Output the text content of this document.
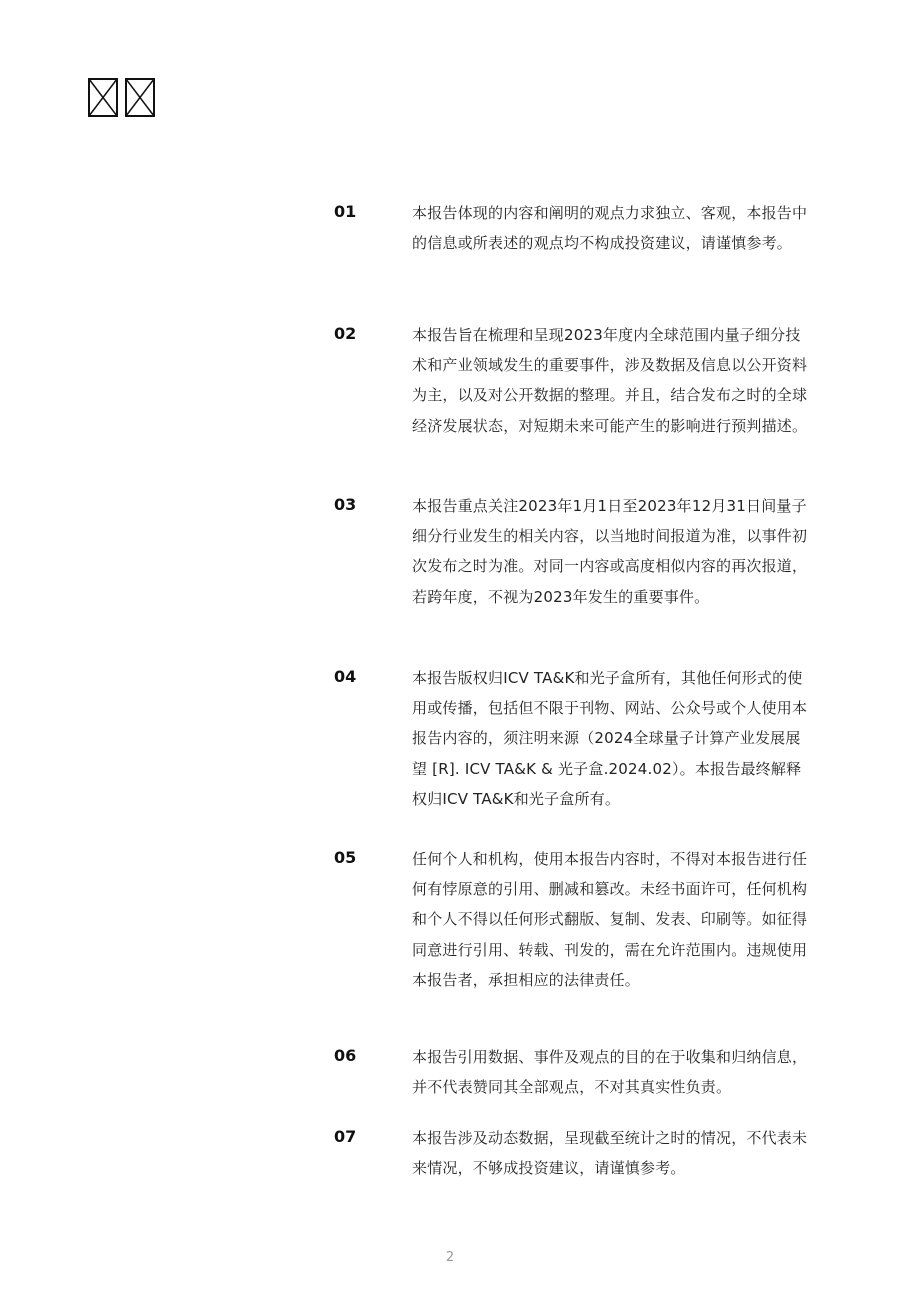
01	本报告体现的内容和阐明的观点力求独立、客观，本报告中的信息或所表述的观点均不构成投资建议，请谨慎参考。

02	本报告旨在梳理和呈现2023年度内全球范围内量子细分技术和产业领域发生的重要事件，涉及数据及信息以公开资料为主，以及对公开数据的整理。并且，结合发布之时的全球经济发展状态，对短期未来可能产生的影响进行预判描述。

03	本报告重点关注2023年1月1日至2023年12月31日间量子细分行业发生的相关内容，以当地时间报道为准，以事件初次发布之时为准。对同一内容或高度相似内容的再次报道，若跨年度，不视为2023年发生的重要事件。

04	本报告版权归ICV TA&K和光子盒所有，其他任何形式的使用或传播，包括但不限于刊物、网站、公众号或个人使用本报告内容的，须注明来源（2024全球量子计算产业发展展望 [R]. ICV TA&K & 光子盒.2024.02）。本报告最终解释权归ICV TA&K和光子盒所有。

05	任何个人和机构，使用本报告内容时，不得对本报告进行任何有悖原意的引用、删减和篡改。未经书面许可，任何机构和个人不得以任何形式翻版、复制、发表、印刷等。如征得同意进行引用、转载、刊发的，需在允许范围内。违规使用本报告者，承担相应的法律责任。

06	本报告引用数据、事件及观点的目的在于收集和归纳信息，并不代表赞同其全部观点，不对其真实性负责。

07	本报告涉及动态数据，呈现截至统计之时的情况，不代表未来情况，不够成投资建议，请谨慎参考。

2
